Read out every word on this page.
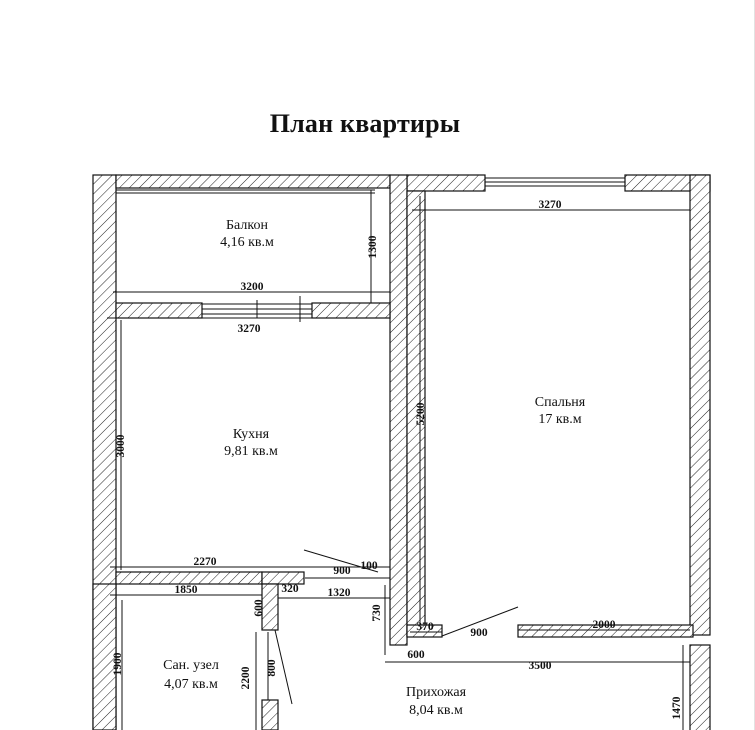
План квартиры
Балкон
4,16 кв.м
Кухня
9,81 кв.м
Спальня
17 кв.м
Сан. узел
4,07 кв.м
Прихожая
8,04 кв.м
3200
1300
3270
3000
2270
3270
5200
2000
900 100
1850
1900
320	1320
600
800
2200
730
370	900
600
3500
1470
